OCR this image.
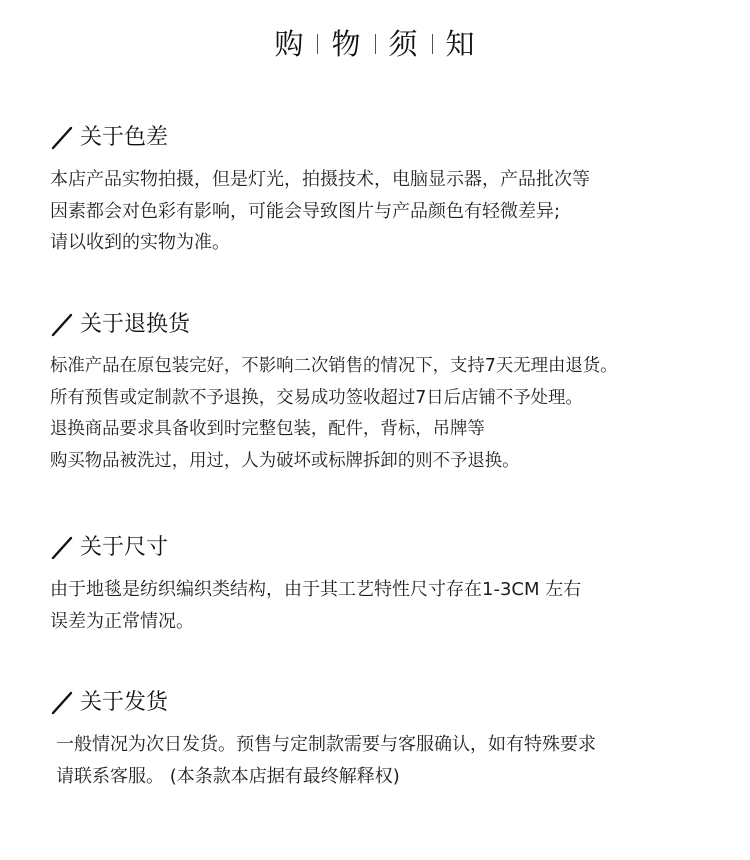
购 物 须 知
关于色差
本店产品实物拍摄，但是灯光，拍摄技术，电脑显示器，产品批次等
因素都会对色彩有影响，可能会导致图片与产品颜色有轻微差异;
请以收到的实物为准。
关于退换货
标准产品在原包装完好，不影响二次销售的情况下，支持7天无理由退货。
所有预售或定制款不予退换，交易成功签收超过7日后店铺不予处理。
退换商品要求具备收到时完整包装，配件，背标，吊牌等
购买物品被洗过，用过，人为破坏或标牌拆卸的则不予退换。
关于尺寸
由于地毯是纺织编织类结构，由于其工艺特性尺寸存在1-3CM 左右
误差为正常情况。
关于发货
一般情况为次日发货。预售与定制款需要与客服确认，如有特殊要求
请联系客服。 (本条款本店据有最终解释权)
